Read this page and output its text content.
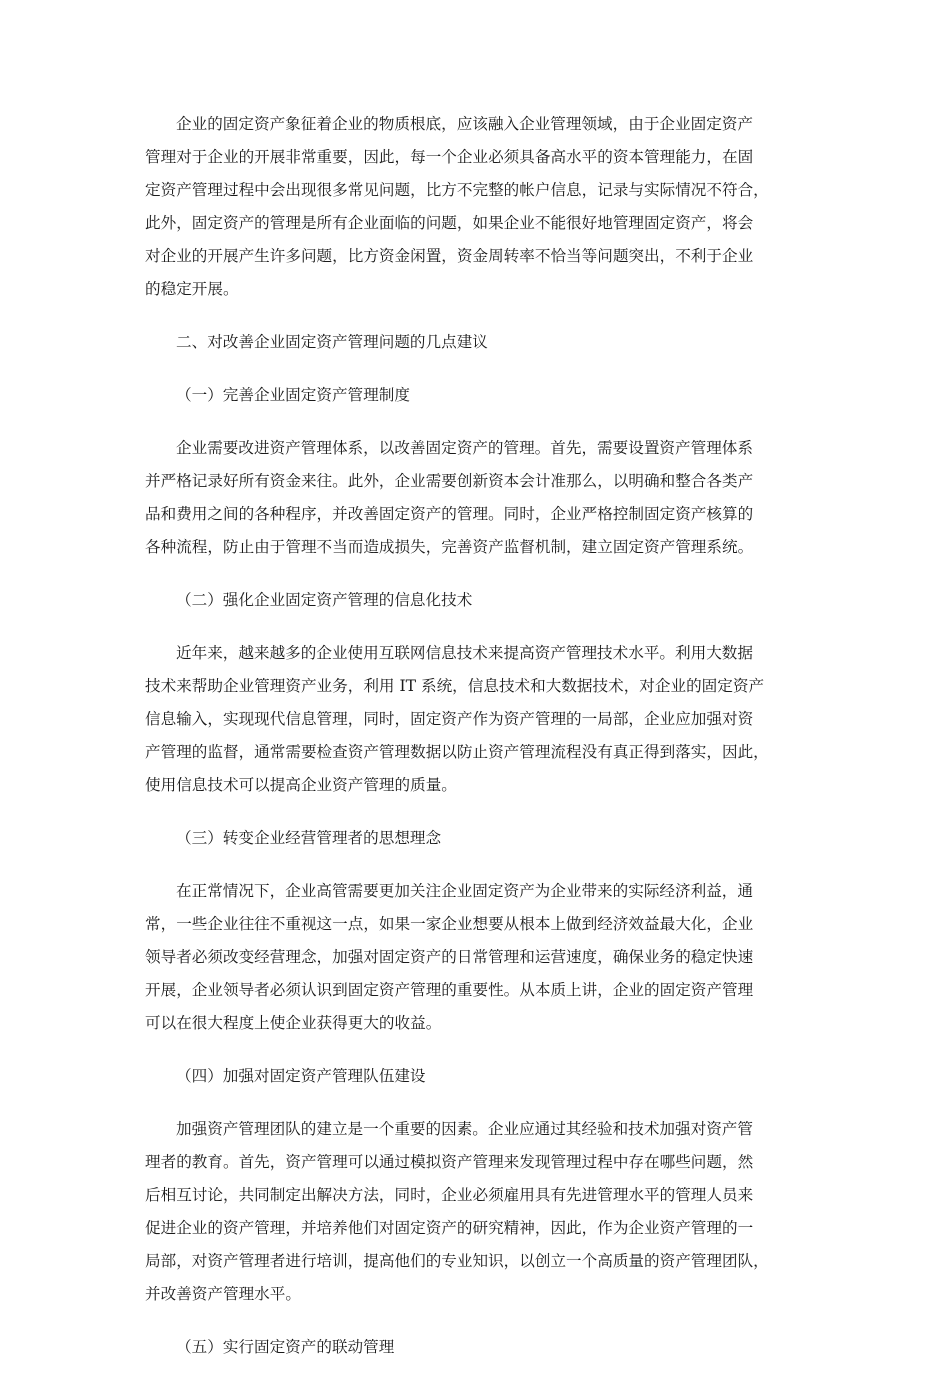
企业的固定资产象征着企业的物质根底，应该融入企业管理领域，由于企业固定资产
管理对于企业的开展非常重要，因此，每一个企业必须具备高水平的资本管理能力，在固
定资产管理过程中会出现很多常见问题，比方不完整的帐户信息，记录与实际情况不符合，
此外，固定资产的管理是所有企业面临的问题，如果企业不能很好地管理固定资产，将会
对企业的开展产生许多问题，比方资金闲置，资金周转率不恰当等问题突出，不利于企业
的稳定开展。

二、对改善企业固定资产管理问题的几点建议

（一）完善企业固定资产管理制度

企业需要改进资产管理体系，以改善固定资产的管理。首先，需要设置资产管理体系
并严格记录好所有资金来往。此外，企业需要创新资本会计准那么，以明确和整合各类产
品和费用之间的各种程序，并改善固定资产的管理。同时，企业严格控制固定资产核算的
各种流程，防止由于管理不当而造成损失，完善资产监督机制，建立固定资产管理系统。

（二）强化企业固定资产管理的信息化技术

近年来，越来越多的企业使用互联网信息技术来提高资产管理技术水平。利用大数据
技术来帮助企业管理资产业务，利用 IT 系统，信息技术和大数据技术，对企业的固定资产
信息输入，实现现代信息管理，同时，固定资产作为资产管理的一局部，企业应加强对资
产管理的监督，通常需要检查资产管理数据以防止资产管理流程没有真正得到落实，因此，
使用信息技术可以提高企业资产管理的质量。

（三）转变企业经营管理者的思想理念

在正常情况下，企业高管需要更加关注企业固定资产为企业带来的实际经济利益，通
常，一些企业往往不重视这一点，如果一家企业想要从根本上做到经济效益最大化，企业
领导者必须改变经营理念，加强对固定资产的日常管理和运营速度，确保业务的稳定快速
开展，企业领导者必须认识到固定资产管理的重要性。从本质上讲，企业的固定资产管理
可以在很大程度上使企业获得更大的收益。

（四）加强对固定资产管理队伍建设

加强资产管理团队的建立是一个重要的因素。企业应通过其经验和技术加强对资产管
理者的教育。首先，资产管理可以通过模拟资产管理来发现管理过程中存在哪些问题，然
后相互讨论，共同制定出解决方法，同时，企业必须雇用具有先进管理水平的管理人员来
促进企业的资产管理，并培养他们对固定资产的研究精神，因此，作为企业资产管理的一
局部，对资产管理者进行培训，提高他们的专业知识，以创立一个高质量的资产管理团队，
并改善资产管理水平。

（五）实行固定资产的联动管理
